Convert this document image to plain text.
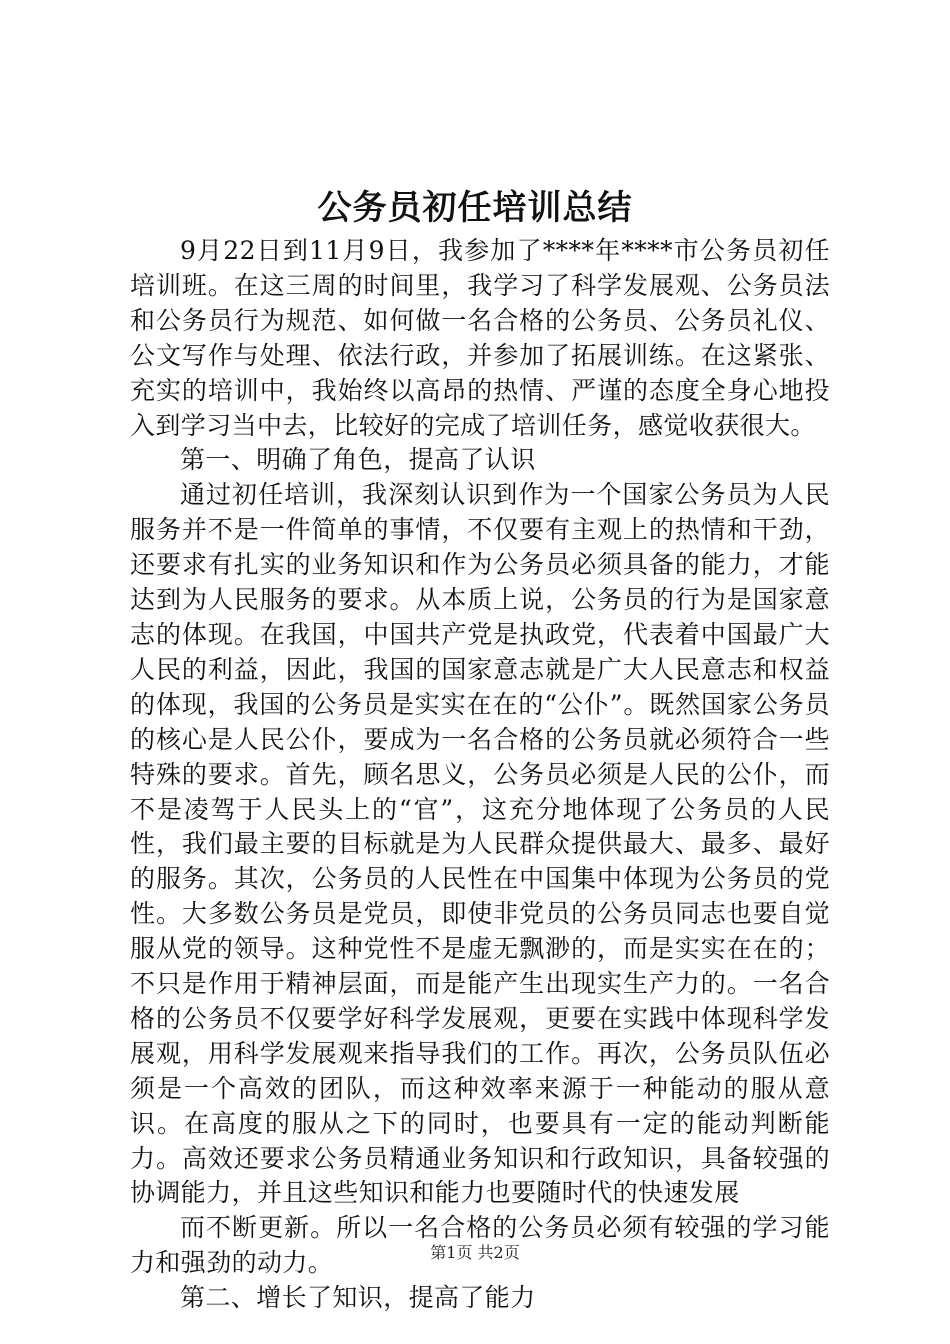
公务员初任培训总结

9月22日到11月9日，我参加了****年****市公务员初任培训班。在这三周的时间里，我学习了科学发展观、公务员法和公务员行为规范、如何做一名合格的公务员、公务员礼仪、公文写作与处理、依法行政，并参加了拓展训练。在这紧张、充实的培训中，我始终以高昂的热情、严谨的态度全身心地投入到学习当中去，比较好的完成了培训任务，感觉收获很大。

第一、明确了角色，提高了认识

通过初任培训，我深刻认识到作为一个国家公务员为人民服务并不是一件简单的事情，不仅要有主观上的热情和干劲，还要求有扎实的业务知识和作为公务员必须具备的能力，才能达到为人民服务的要求。从本质上说，公务员的行为是国家意志的体现。在我国，中国共产党是执政党，代表着中国最广大人民的利益，因此，我国的国家意志就是广大人民意志和权益的体现，我国的公务员是实实在在的“公仆”。既然国家公务员的核心是人民公仆，要成为一名合格的公务员就必须符合一些特殊的要求。首先，顾名思义，公务员必须是人民的公仆，而不是凌驾于人民头上的“官”，这充分地体现了公务员的人民性，我们最主要的目标就是为人民群众提供最大、最多、最好的服务。其次，公务员的人民性在中国集中体现为公务员的党性。大多数公务员是党员，即使非党员的公务员同志也要自觉服从党的领导。这种党性不是虚无飘渺的，而是实实在在的；不只是作用于精神层面，而是能产生出现实生产力的。一名合格的公务员不仅要学好科学发展观，更要在实践中体现科学发展观，用科学发展观来指导我们的工作。再次，公务员队伍必须是一个高效的团队，而这种效率来源于一种能动的服从意识。在高度的服从之下的同时，也要具有一定的能动判断能力。高效还要求公务员精通业务知识和行政知识，具备较强的协调能力，并且这些知识和能力也要随时代的快速发展

而不断更新。所以一名合格的公务员必须有较强的学习能力和强劲的动力。

第二、增长了知识，提高了能力

第1页 共2页
